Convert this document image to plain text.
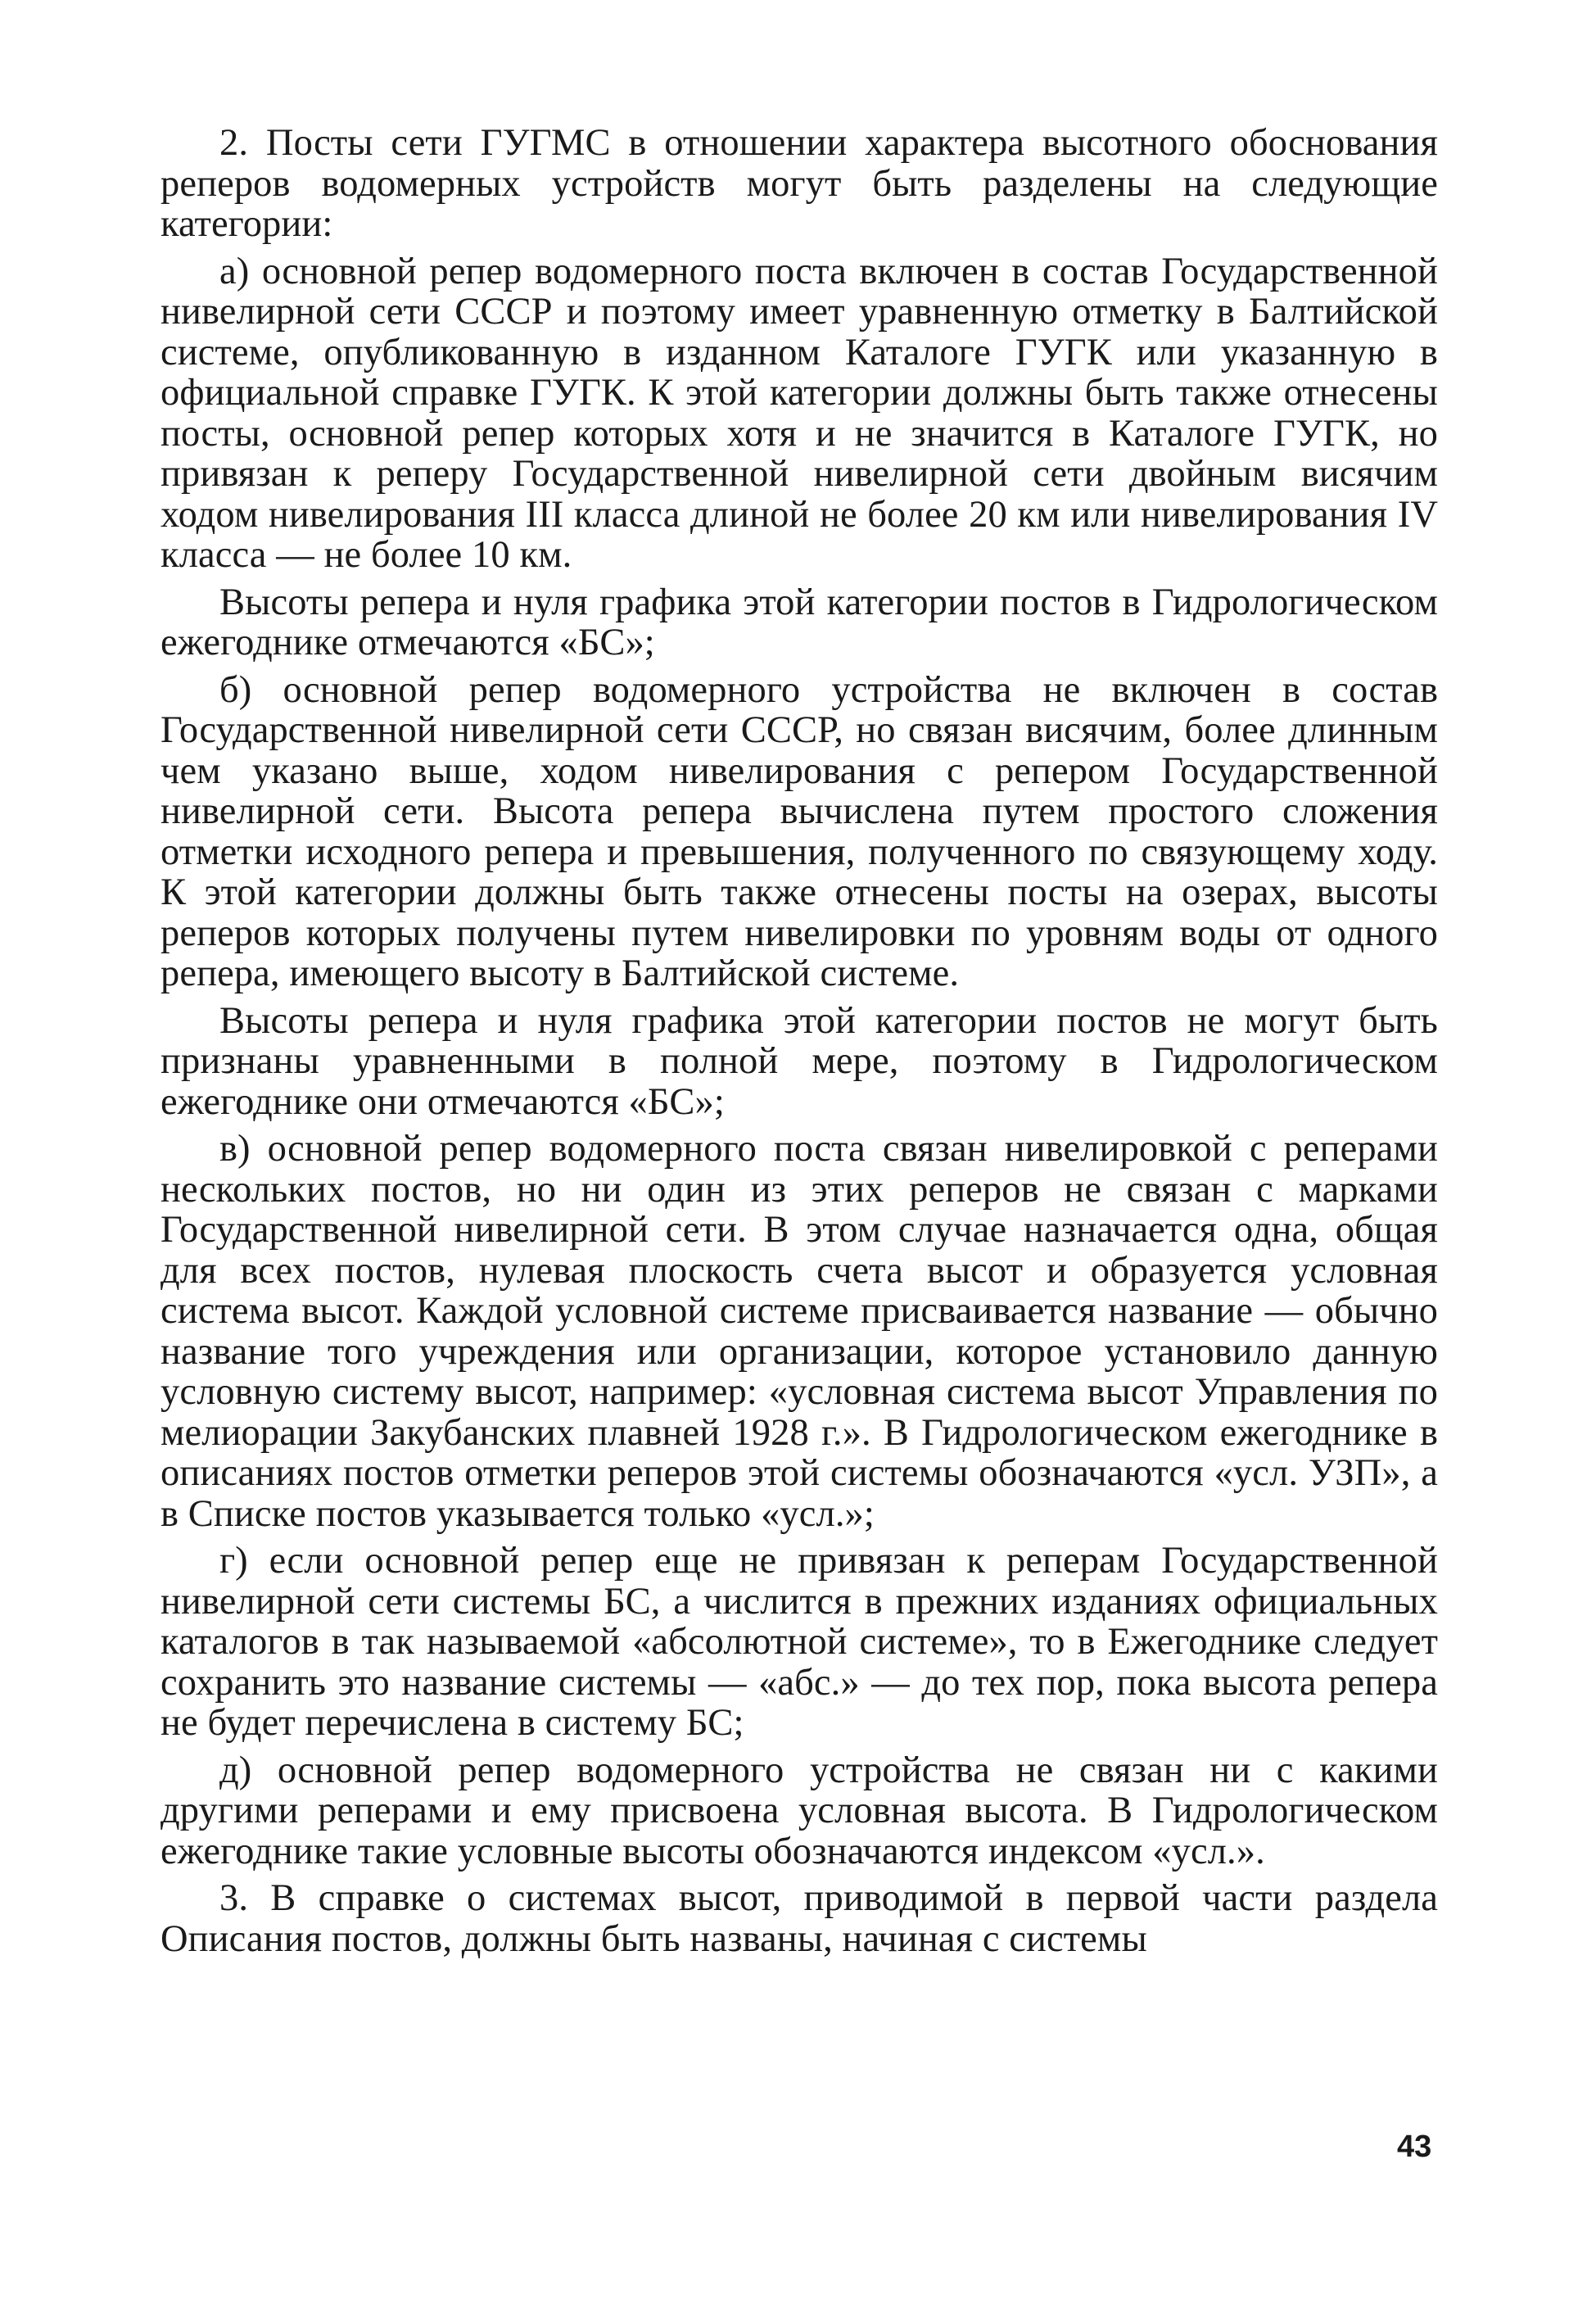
2. Посты сети ГУГМС в отношении характера высотного обоснования реперов водомерных устройств могут быть разделены на следующие категории:

а) основной репер водомерного поста включен в состав Государственной нивелирной сети СССР и поэтому имеет уравненную отметку в Балтийской системе, опубликованную в изданном Каталоге ГУГК или указанную в официальной справке ГУГК. К этой категории должны быть также отнесены посты, основной репер которых хотя и не значится в Каталоге ГУГК, но привязан к реперу Государственной нивелирной сети двойным висячим ходом нивелирования III класса длиной не более 20 км или нивелирования IV класса — не более 10 км.

Высоты репера и нуля графика этой категории постов в Гидрологическом ежегоднике отмечаются «БС»;

б) основной репер водомерного устройства не включен в состав Государственной нивелирной сети СССР, но связан висячим, более длинным чем указано выше, ходом нивелирования с репером Государственной нивелирной сети. Высота репера вычислена путем простого сложения отметки исходного репера и превышения, полученного по связующему ходу. К этой категории должны быть также отнесены посты на озерах, высоты реперов которых получены путем нивелировки по уровням воды от одного репера, имеющего высоту в Балтийской системе.

Высоты репера и нуля графика этой категории постов не могут быть признаны уравненными в полной мере, поэтому в Гидрологическом ежегоднике они отмечаются «БС»;

в) основной репер водомерного поста связан нивелировкой с реперами нескольких постов, но ни один из этих реперов не связан с марками Государственной нивелирной сети. В этом случае назначается одна, общая для всех постов, нулевая плоскость счета высот и образуется условная система высот. Каждой условной системе присваивается название — обычно название того учреждения или организации, которое установило данную условную систему высот, например: «условная система высот Управления по мелиорации Закубанских плавней 1928 г.». В Гидрологическом ежегоднике в описаниях постов отметки реперов этой системы обозначаются «усл. УЗП», а в Списке постов указывается только «усл.»;

г) если основной репер еще не привязан к реперам Государственной нивелирной сети системы БС, а числится в прежних изданиях официальных каталогов в так называемой «абсолютной системе», то в Ежегоднике следует сохранить это название системы — «абс.» — до тех пор, пока высота репера не будет перечислена в систему БС;

д) основной репер водомерного устройства не связан ни с какими другими реперами и ему присвоена условная высота. В Гидрологическом ежегоднике такие условные высоты обозначаются индексом «усл.».

3. В справке о системах высот, приводимой в первой части раздела Описания постов, должны быть названы, начиная с системы

43
